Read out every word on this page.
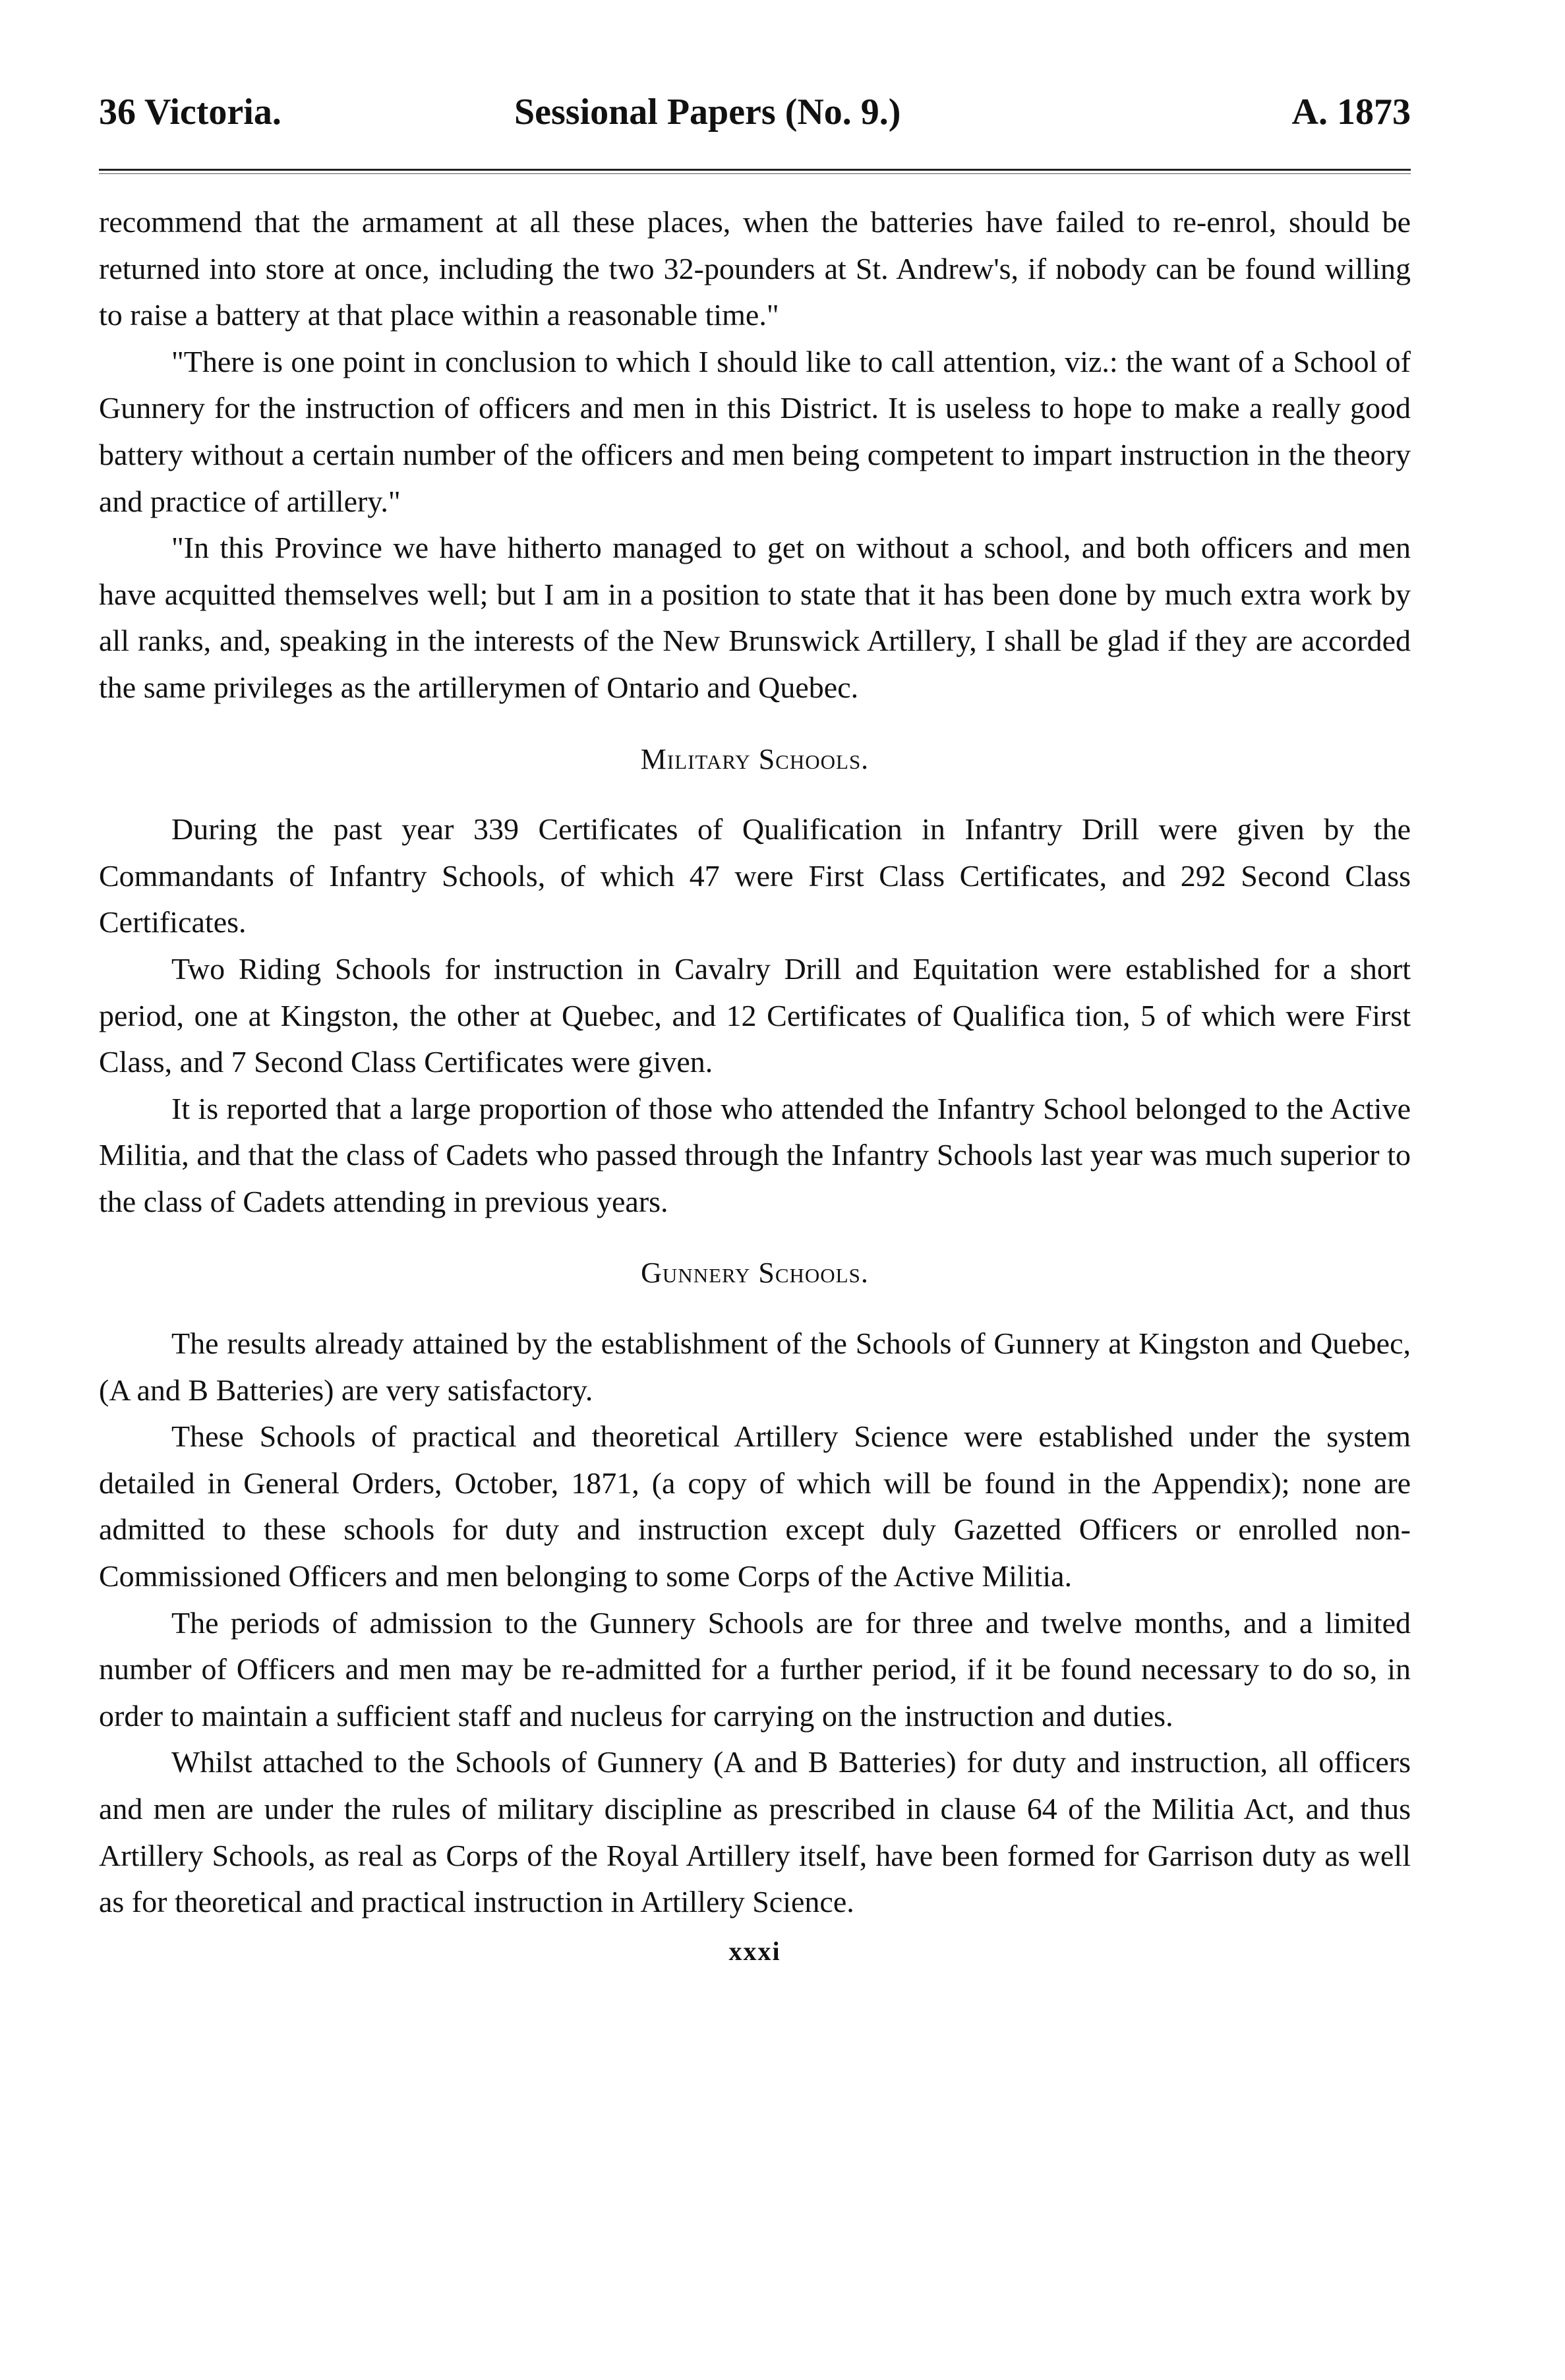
36 Victoria.	Sessional Papers (No. 9.)	A. 1873

recommend that the armament at all these places, when the batteries have failed to re-enrol, should be returned into store at once, including the two 32-pounders at St. Andrew's, if nobody can be found willing to raise a battery at that place within a reasonable time."

"There is one point in conclusion to which I should like to call attention, viz.: the want of a School of Gunnery for the instruction of officers and men in this District. It is useless to hope to make a really good battery without a certain number of the officers and men being competent to impart instruction in the theory and practice of artillery."

"In this Province we have hitherto managed to get on without a school, and both officers and men have acquitted themselves well; but I am in a position to state that it has been done by much extra work by all ranks, and, speaking in the interests of the New Brunswick Artillery, I shall be glad if they are accorded the same privileges as the artillerymen of Ontario and Quebec.

Military Schools.

During the past year 339 Certificates of Qualification in Infantry Drill were given by the Commandants of Infantry Schools, of which 47 were First Class Certificates, and 292 Second Class Certificates.

Two Riding Schools for instruction in Cavalry Drill and Equitation were established for a short period, one at Kingston, the other at Quebec, and 12 Certificates of Qualifica tion, 5 of which were First Class, and 7 Second Class Certificates were given.

It is reported that a large proportion of those who attended the Infantry School belonged to the Active Militia, and that the class of Cadets who passed through the Infantry Schools last year was much superior to the class of Cadets attending in previous years.

Gunnery Schools.

The results already attained by the establishment of the Schools of Gunnery at Kingston and Quebec, (A and B Batteries) are very satisfactory.

These Schools of practical and theoretical Artillery Science were established under the system detailed in General Orders, October, 1871, (a copy of which will be found in the Appendix); none are admitted to these schools for duty and instruction except duly Gazetted Officers or enrolled non-Commissioned Officers and men belonging to some Corps of the Active Militia.

The periods of admission to the Gunnery Schools are for three and twelve months, and a limited number of Officers and men may be re-admitted for a further period, if it be found necessary to do so, in order to maintain a sufficient staff and nucleus for carrying on the instruction and duties.

Whilst attached to the Schools of Gunnery (A and B Batteries) for duty and instruction, all officers and men are under the rules of military discipline as prescribed in clause 64 of the Militia Act, and thus Artillery Schools, as real as Corps of the Royal Artillery itself, have been formed for Garrison duty as well as for theoretical and practical instruction in Artillery Science.

xxxi
